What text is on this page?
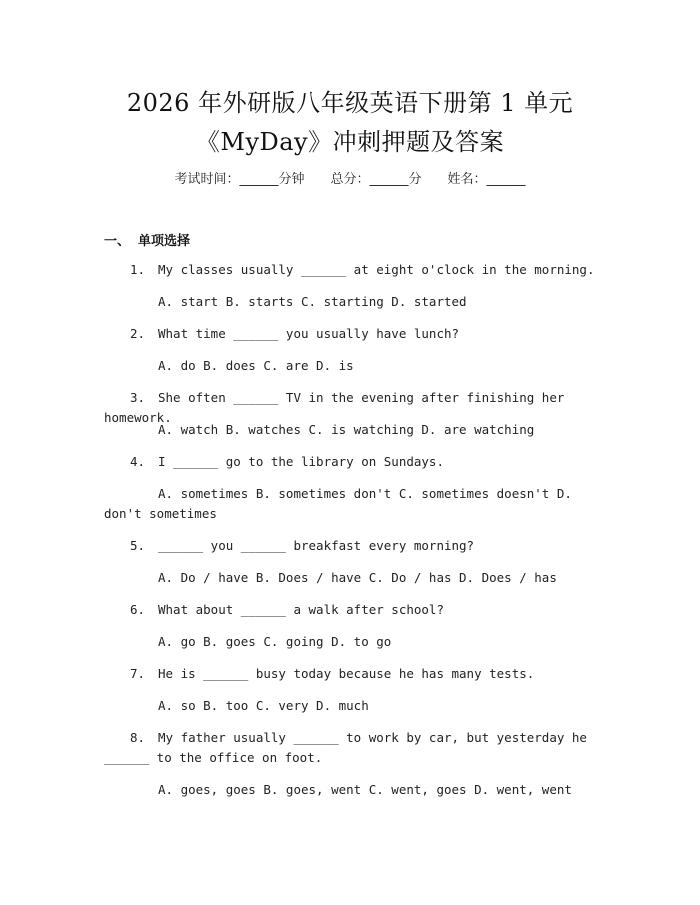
2026 年外研版八年级英语下册第 1 单元
《MyDay》冲刺押题及答案
考试时间：______分钟 总分：______分 姓名：______
一、 单项选择
1. My classes usually ______ at eight o'clock in the morning.
A. start B. starts C. starting D. started
2. What time ______ you usually have lunch?
A. do B. does C. are D. is
3. She often ______ TV in the evening after finishing her homework.
A. watch B. watches C. is watching D. are watching
4. I ______ go to the library on Sundays.
A. sometimes B. sometimes don't C. sometimes doesn't D. don't sometimes
5. ______ you ______ breakfast every morning?
A. Do / have B. Does / have C. Do / has D. Does / has
6. What about ______ a walk after school?
A. go B. goes C. going D. to go
7. He is ______ busy today because he has many tests.
A. so B. too C. very D. much
8. My father usually ______ to work by car, but yesterday he ______ to the office on foot.
A. goes, goes B. goes, went C. went, goes D. went, went
